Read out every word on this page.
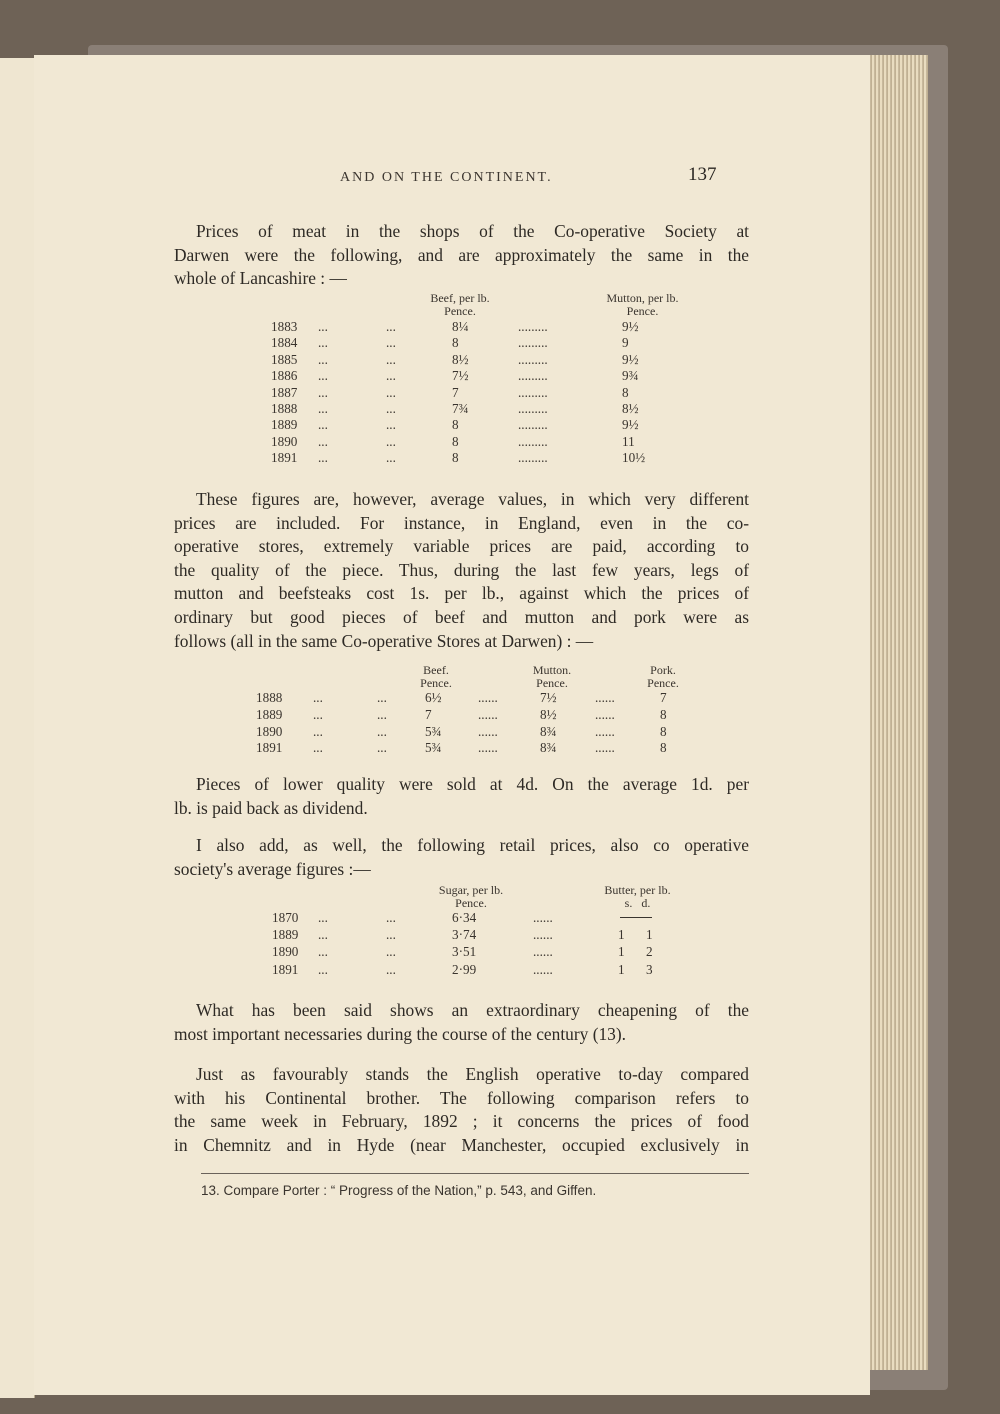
AND ON THE CONTINENT.	137
Prices of meat in the shops of the Co-operative Society at
Darwen were the following, and are approximately the same in the
whole of Lancashire : —
Beef, per lb.
Pence.
Mutton, per lb.
Pence.
1883 ...	...	8¼	.........	9½
1884 ...	...	8	.........	9
1885 ...	...	8½	.........	9½
1886 ...	...	7½	.........	9¾
1887 ...	...	7	.........	8
1888 ...	...	7¾	.........	8½
1889 ...	...	8	.........	9½
1890 ...	...	8	.........	11
1891 ...	...	8	.........	10½
These figures are, however, average values, in which very different
prices are included. For instance, in England, even in the co-
operative stores, extremely variable prices are paid, according to
the quality of the piece. Thus, during the last few years, legs of
mutton and beefsteaks cost 1s. per lb., against which the prices of
ordinary but good pieces of beef and mutton and pork were as
follows (all in the same Co-operative Stores at Darwen) : —
Beef.
Pence.
Mutton.
Pence.
Pork.
Pence.
1888 ...	...	6½	......	7½	......	7
1889 ...	...	7	......	8½	......	8
1890 ...	...	5¾	......	8¾	......	8
1891 ...	...	5¾	......	8¾	......	8
Pieces of lower quality were sold at 4d. On the average 1d. per
lb. is paid back as dividend.
I also add, as well, the following retail prices, also co operative
society's average figures :—
Sugar, per lb.
Pence.
Butter, per lb.
s.   d.
1870 ...	...	6·34	......
1889 ...	...	3·74	......	1 1
1890 ...	...	3·51	......	1 2
1891 ...	...	2·99	......	1 3
What has been said shows an extraordinary cheapening of the
most important necessaries during the course of the century (13).
Just as favourably stands the English operative to-day compared
with his Continental brother. The following comparison refers to
the same week in February, 1892 ; it concerns the prices of food
in Chemnitz and in Hyde (near Manchester, occupied exclusively in
13. Compare Porter : “ Progress of the Nation,” p. 543, and Giffen.
